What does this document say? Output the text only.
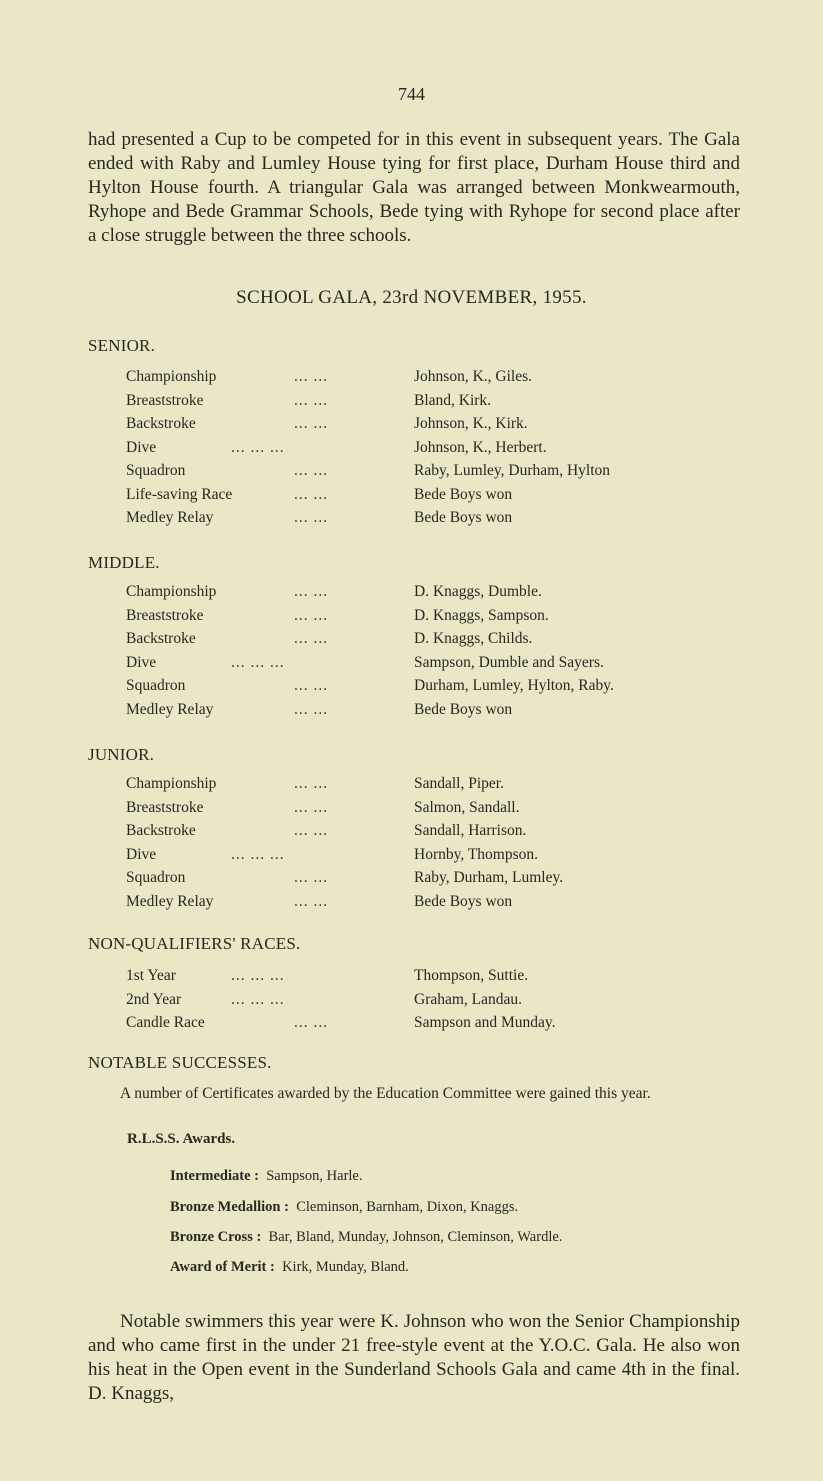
744
had presented a Cup to be competed for in this event in subsequent years. The Gala ended with Raby and Lumley House tying for first place, Durham House third and Hylton House fourth. A triangular Gala was arranged between Monkwearmouth, Ryhope and Bede Grammar Schools, Bede tying with Ryhope for second place after a close struggle between the three schools.
SCHOOL GALA, 23rd NOVEMBER, 1955.
SENIOR.
Championship	... ...	Johnson, K., Giles.
Breaststroke	... ...	Bland, Kirk.
Backstroke	... ...	Johnson, K., Kirk.
Dive	... ... ...	Johnson, K., Herbert.
Squadron	... ...	Raby, Lumley, Durham, Hylton
Life-saving Race	... ...	Bede Boys won
Medley Relay	... ...	Bede Boys won
MIDDLE.
Championship	... ...	D. Knaggs, Dumble.
Breaststroke	... ...	D. Knaggs, Sampson.
Backstroke	... ...	D. Knaggs, Childs.
Dive	... ... ...	Sampson, Dumble and Sayers.
Squadron	... ...	Durham, Lumley, Hylton, Raby.
Medley Relay	... ...	Bede Boys won
JUNIOR.
Championship	... ...	Sandall, Piper.
Breaststroke	... ...	Salmon, Sandall.
Backstroke	... ...	Sandall, Harrison.
Dive	... ... ...	Hornby, Thompson.
Squadron	... ...	Raby, Durham, Lumley.
Medley Relay	... ...	Bede Boys won
NON-QUALIFIERS' RACES.
1st Year	... ... ...	Thompson, Suttie.
2nd Year	... ... ...	Graham, Landau.
Candle Race	... ...	Sampson and Munday.
NOTABLE SUCCESSES.
A number of Certificates awarded by the Education Committee were gained this year.
R.L.S.S. Awards.
Intermediate : Sampson, Harle.
Bronze Medallion : Cleminson, Barnham, Dixon, Knaggs.
Bronze Cross : Bar, Bland, Munday, Johnson, Cleminson, Wardle.
Award of Merit : Kirk, Munday, Bland.
Notable swimmers this year were K. Johnson who won the Senior Championship and who came first in the under 21 free-style event at the Y.O.C. Gala. He also won his heat in the Open event in the Sunderland Schools Gala and came 4th in the final. D. Knaggs,
